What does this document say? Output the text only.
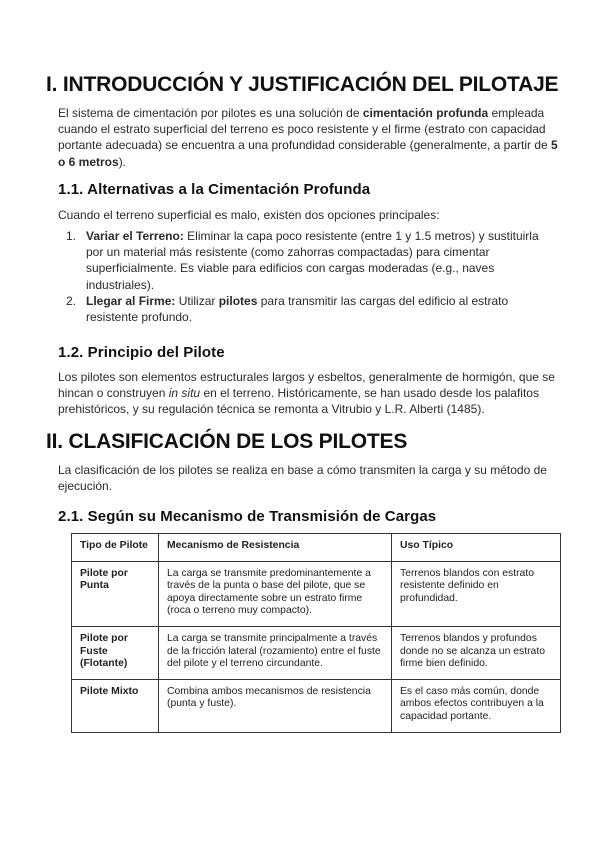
I. INTRODUCCIÓN Y JUSTIFICACIÓN DEL PILOTAJE

El sistema de cimentación por pilotes es una solución de cimentación profunda empleada cuando el estrato superficial del terreno es poco resistente y el firme (estrato con capacidad portante adecuada) se encuentra a una profundidad considerable (generalmente, a partir de 5 o 6 metros).

1.1. Alternativas a la Cimentación Profunda

Cuando el terreno superficial es malo, existen dos opciones principales:

1. Variar el Terreno: Eliminar la capa poco resistente (entre 1 y 1.5 metros) y sustituirla por un material más resistente (como zahorras compactadas) para cimentar superficialmente. Es viable para edificios con cargas moderadas (e.g., naves industriales).
2. Llegar al Firme: Utilizar pilotes para transmitir las cargas del edificio al estrato resistente profundo.
1.2. Principio del Pilote

Los pilotes son elementos estructurales largos y esbeltos, generalmente de hormigón, que se hincan o construyen in situ en el terreno. Históricamente, se han usado desde los palafitos prehistóricos, y su regulación técnica se remonta a Vitrubio y L.R. Alberti (1485).

II. CLASIFICACIÓN DE LOS PILOTES

La clasificación de los pilotes se realiza en base a cómo transmiten la carga y su método de ejecución.

2.1. Según su Mecanismo de Transmisión de Cargas
Tipo de Pilote	Mecanismo de Resistencia	Uso Típico
Pilote por Punta	La carga se transmite predominantemente a través de la punta o base del pilote, que se apoya directamente sobre un estrato firme (roca o terreno muy compacto).	Terrenos blandos con estrato resistente definido en profundidad.
Pilote por Fuste (Flotante)	La carga se transmite principalmente a través de la fricción lateral (rozamiento) entre el fuste del pilote y el terreno circundante.	Terrenos blandos y profundos donde no se alcanza un estrato firme bien definido.
Pilote Mixto	Combina ambos mecanismos de resistencia (punta y fuste).	Es el caso más común, donde ambos efectos contribuyen a la capacidad portante.
